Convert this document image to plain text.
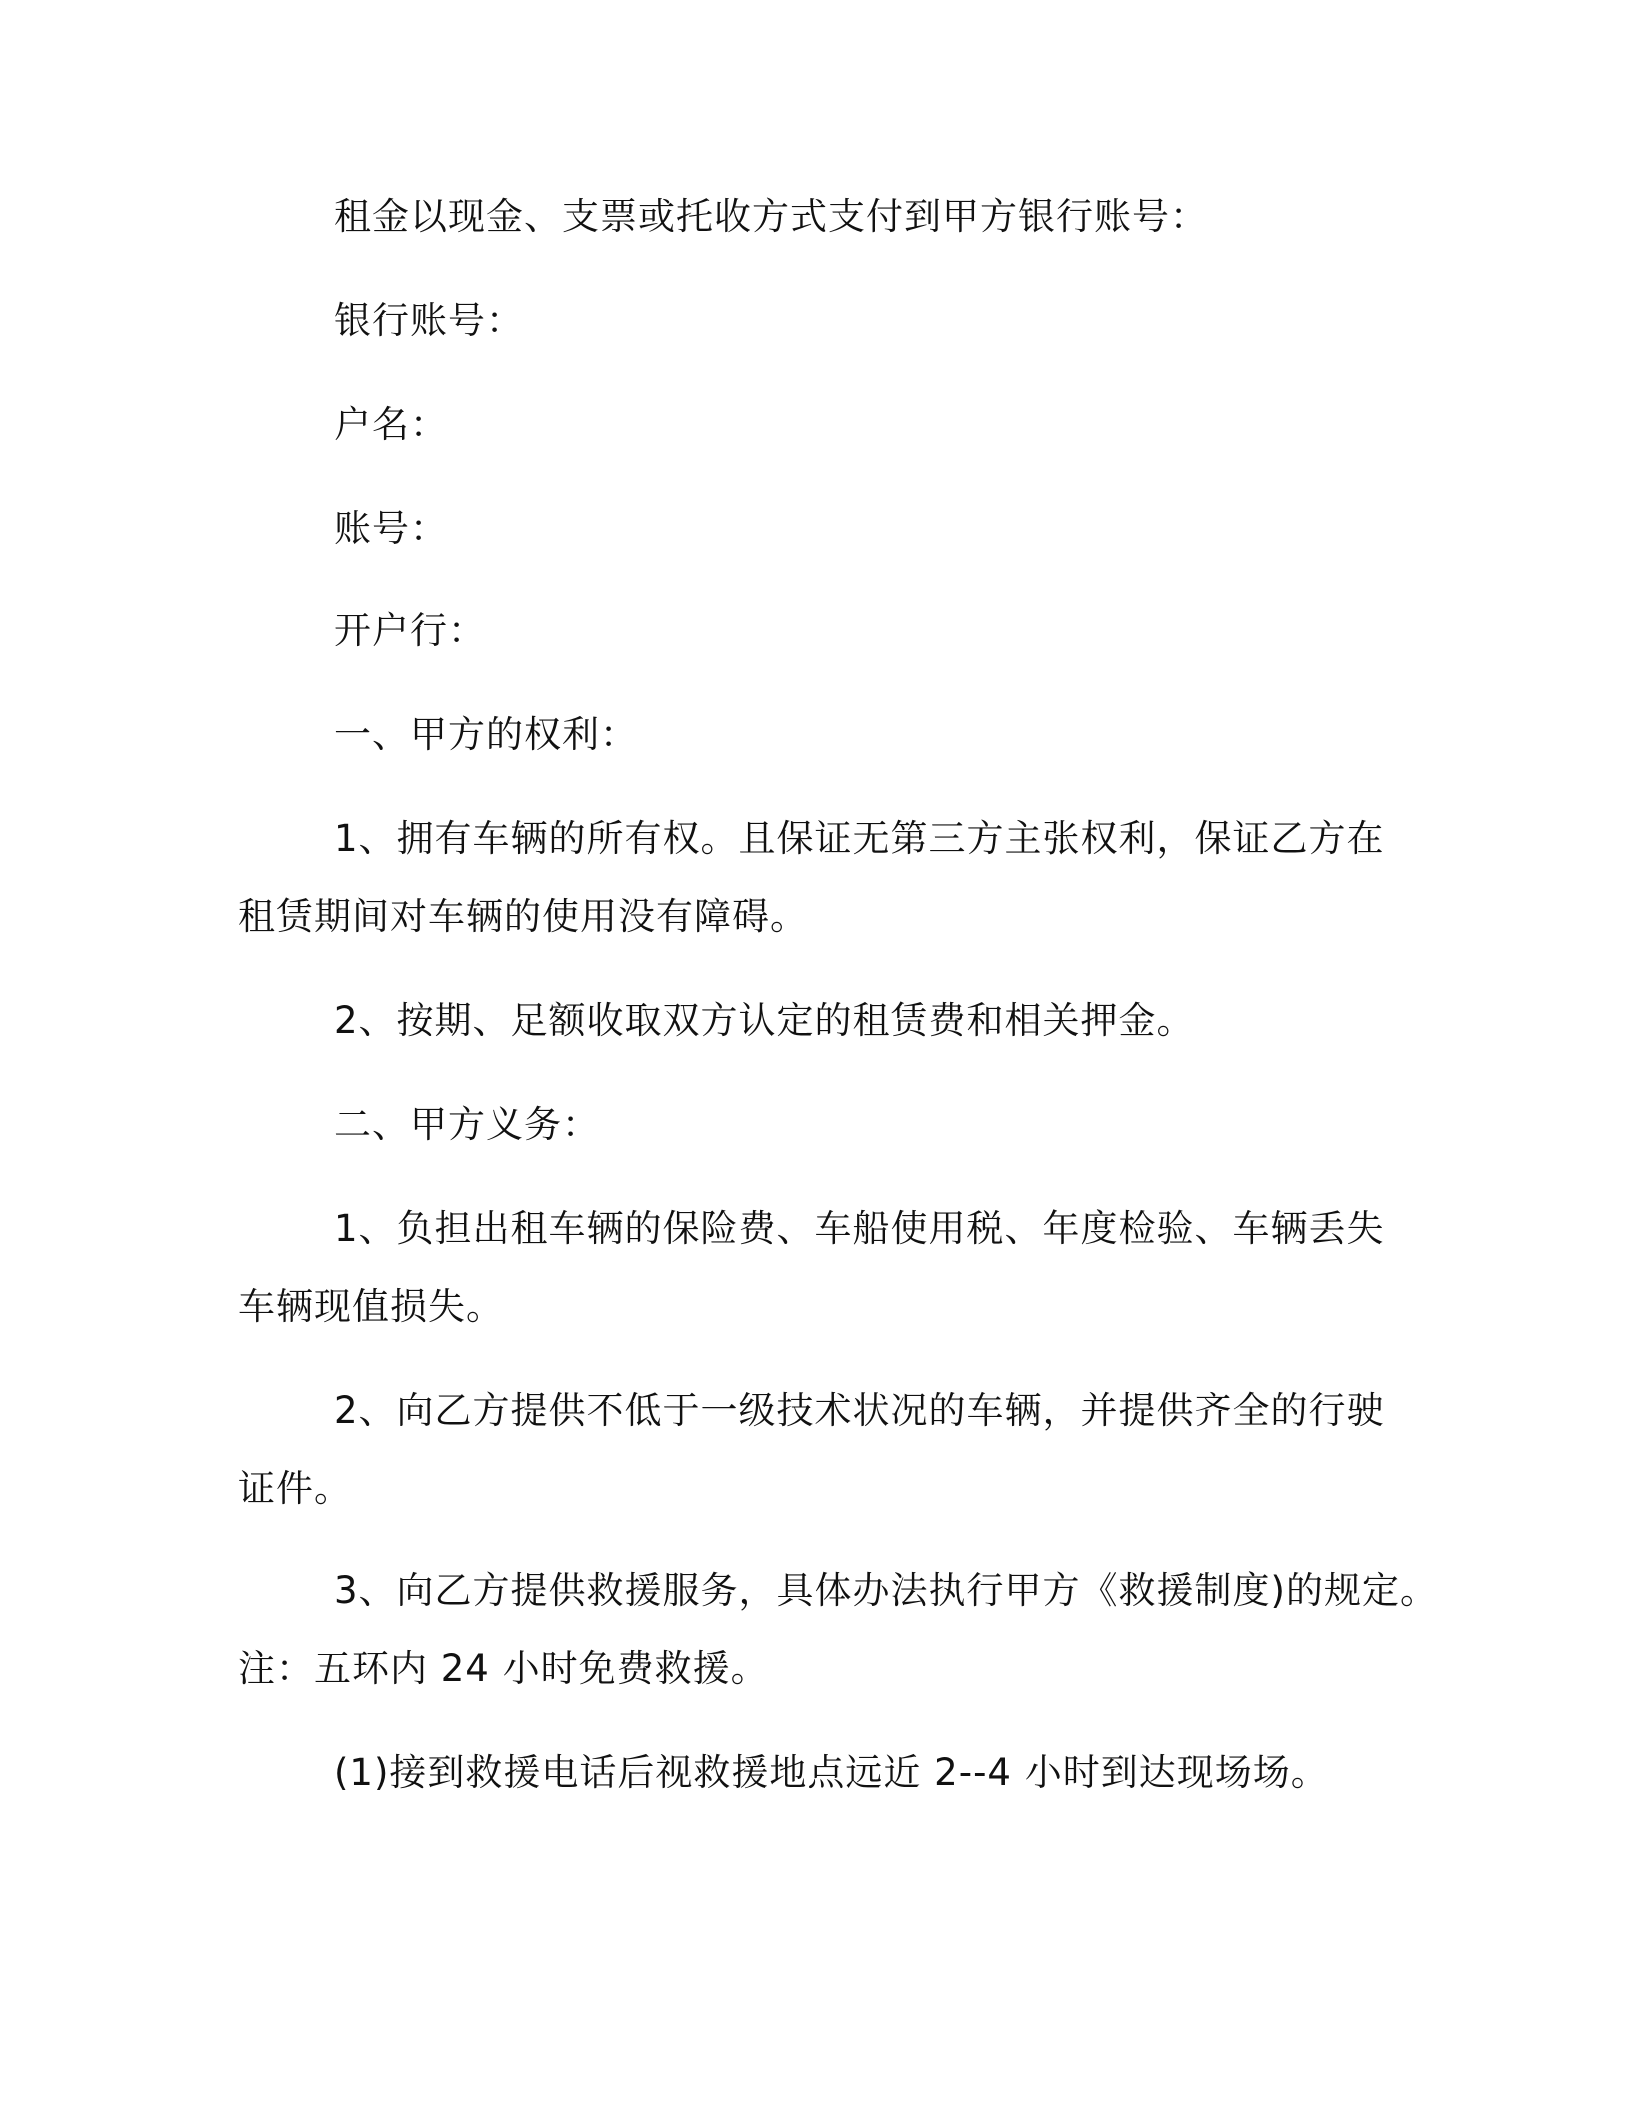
租金以现金、支票或托收方式支付到甲方银行账号：
银行账号：
户名：
账号：
开户行：
一、甲方的权利：
1、拥有车辆的所有权。且保证无第三方主张权利，保证乙方在
租赁期间对车辆的使用没有障碍。
2、按期、足额收取双方认定的租赁费和相关押金。
二、甲方义务：
1、负担出租车辆的保险费、车船使用税、年度检验、车辆丢失
车辆现值损失。
2、向乙方提供不低于一级技术状况的车辆，并提供齐全的行驶
证件。
3、向乙方提供救援服务，具体办法执行甲方《救援制度)的规定。
注：五环内 24 小时免费救援。
(1)接到救援电话后视救援地点远近 2--4 小时到达现场场。
